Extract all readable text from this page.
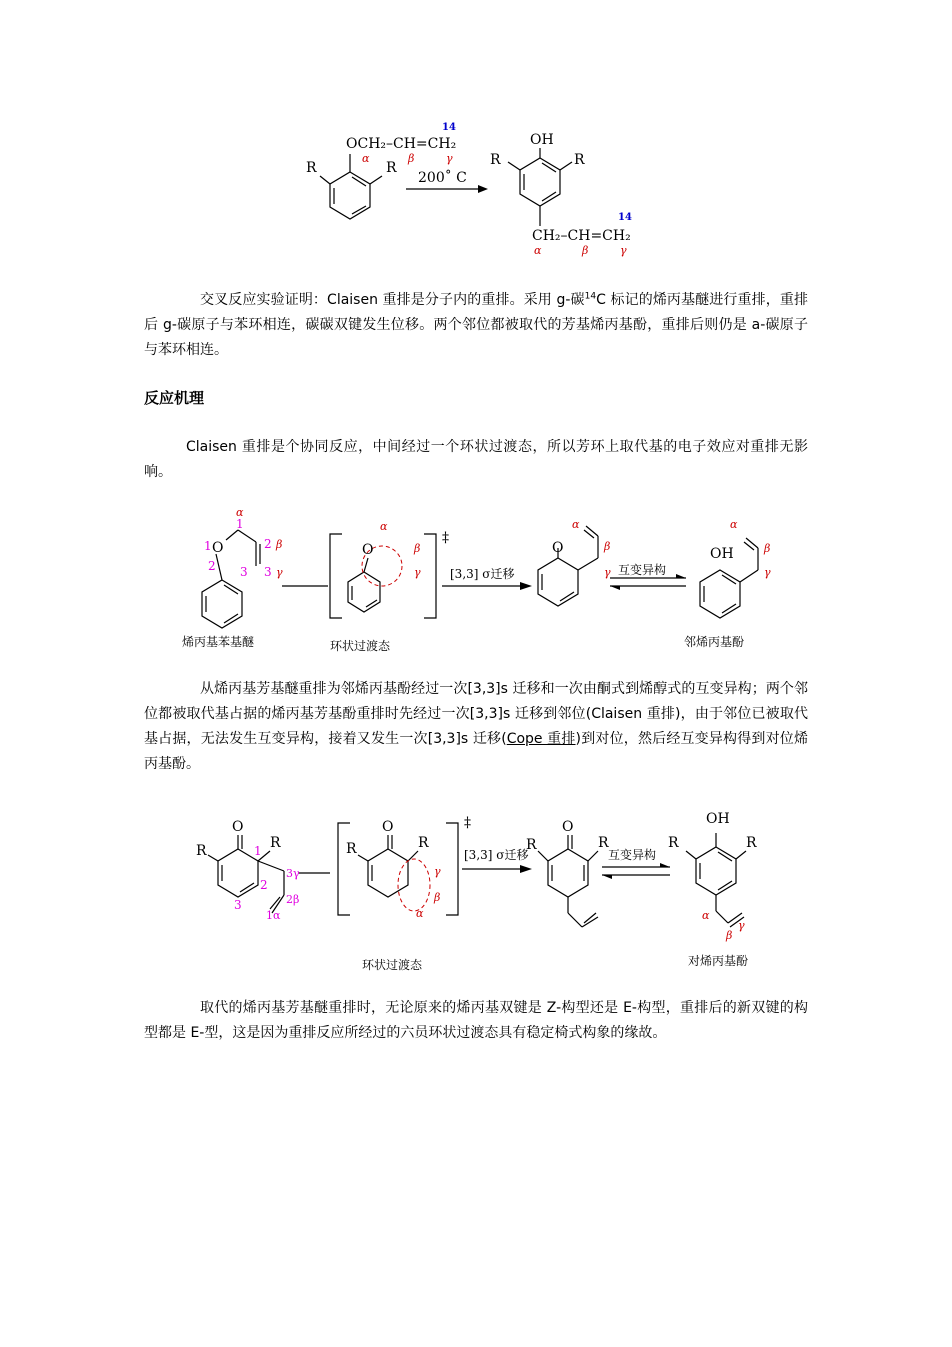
OCH₂–CH=CH₂
14
R	R
α	β	γ
200˚ C
OH
R	R
CH₂–CH=CH₂
14
α	β	γ

交叉反应实验证明：Claisen 重排是分子内的重排。采用 g-碳$^{14}$C 标记的烯丙基醚进行重排，重排后 g-碳原子与苯环相连，碳碳双键发生位移。两个邻位都被取代的芳基烯丙基酚，重排后则仍是 a-碳原子与苯环相连。

反应机理

Claisen 重排是个协同反应，中间经过一个环状过渡态，所以芳环上取代基的电子效应对重排无影响。

1
α
1 O	2 β
2 3 3 γ
O
α
β
γ
‡
[3,3] σ迁移
O
α
β
γ 互变异构
OH
α
β
γ
烯丙基苯基醚	环状过渡态	邻烯丙基酚

从烯丙基芳基醚重排为邻烯丙基酚经过一次[3,3]s 迁移和一次由酮式到烯醇式的互变异构；两个邻位都被取代基占据的烯丙基芳基酚重排时先经过一次[3,3]s 迁移到邻位(Claisen 重排)，由于邻位已被取代基占据，无法发生互变异构，接着又发生一次[3,3]s 迁移(Cope 重排)到对位，然后经互变异构得到对位烯丙基酚。

O
R	R
1
2
3
3γ
2β
1α
O
R	R
γ
β
α
‡
[3,3] σ迁移
O
R	R
互变异构
OH
R	R
α
γ
β
环状过渡态	对烯丙基酚

取代的烯丙基芳基醚重排时，无论原来的烯丙基双键是 Z-构型还是 E-构型，重排后的新双键的构型都是 E-型，这是因为重排反应所经过的六员环状过渡态具有稳定椅式构象的缘故。
